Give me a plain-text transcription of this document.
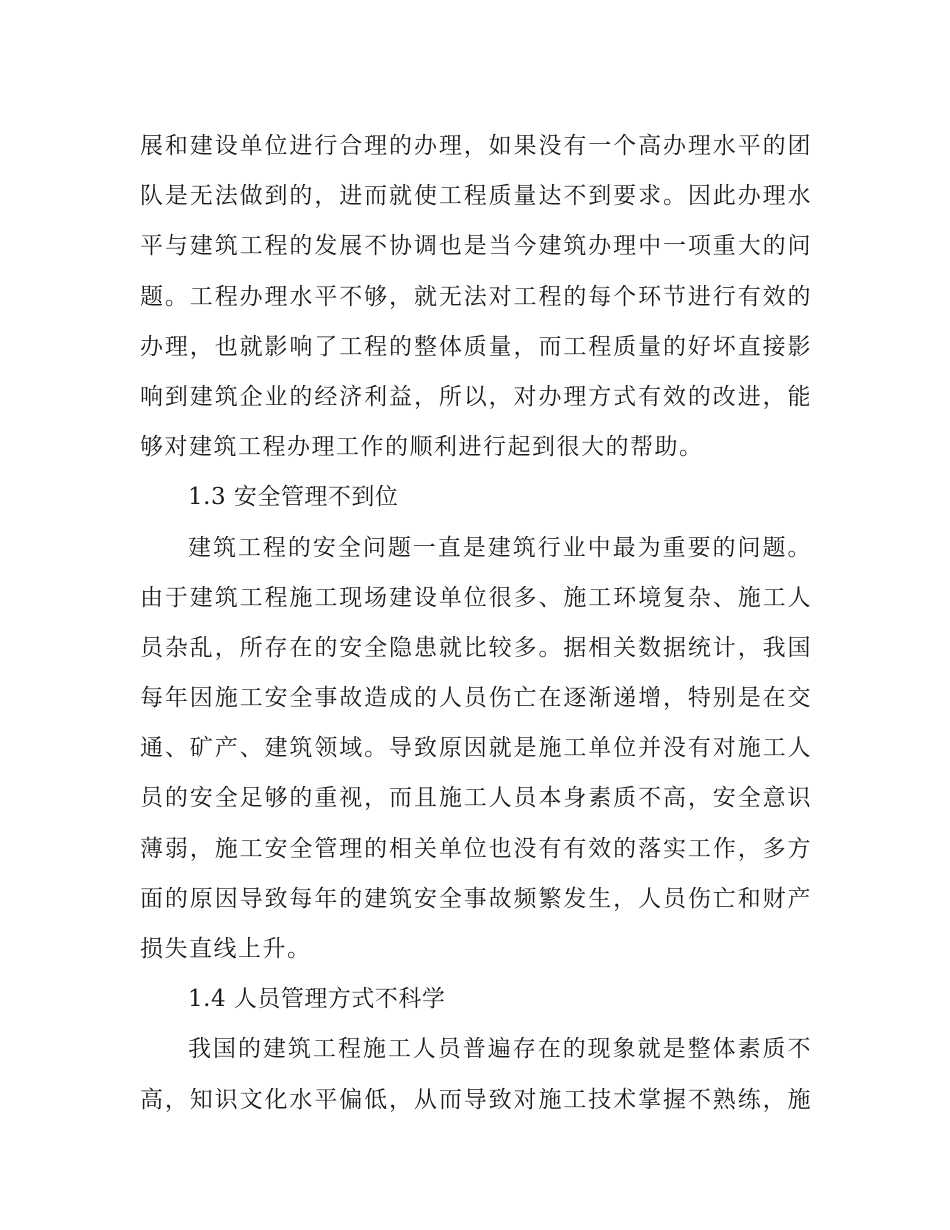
展和建设单位进行合理的办理，如果没有一个高办理水平的团
队是无法做到的，进而就使工程质量达不到要求。因此办理水
平与建筑工程的发展不协调也是当今建筑办理中一项重大的问
题。工程办理水平不够，就无法对工程的每个环节进行有效的
办理，也就影响了工程的整体质量，而工程质量的好坏直接影
响到建筑企业的经济利益，所以，对办理方式有效的改进，能
够对建筑工程办理工作的顺利进行起到很大的帮助。
1.3 安全管理不到位
建筑工程的安全问题一直是建筑行业中最为重要的问题。
由于建筑工程施工现场建设单位很多、施工环境复杂、施工人
员杂乱，所存在的安全隐患就比较多。据相关数据统计，我国
每年因施工安全事故造成的人员伤亡在逐渐递增，特别是在交
通、矿产、建筑领域。导致原因就是施工单位并没有对施工人
员的安全足够的重视，而且施工人员本身素质不高，安全意识
薄弱，施工安全管理的相关单位也没有有效的落实工作，多方
面的原因导致每年的建筑安全事故频繁发生，人员伤亡和财产
损失直线上升。
1.4 人员管理方式不科学
我国的建筑工程施工人员普遍存在的现象就是整体素质不
高，知识文化水平偏低，从而导致对施工技术掌握不熟练，施
